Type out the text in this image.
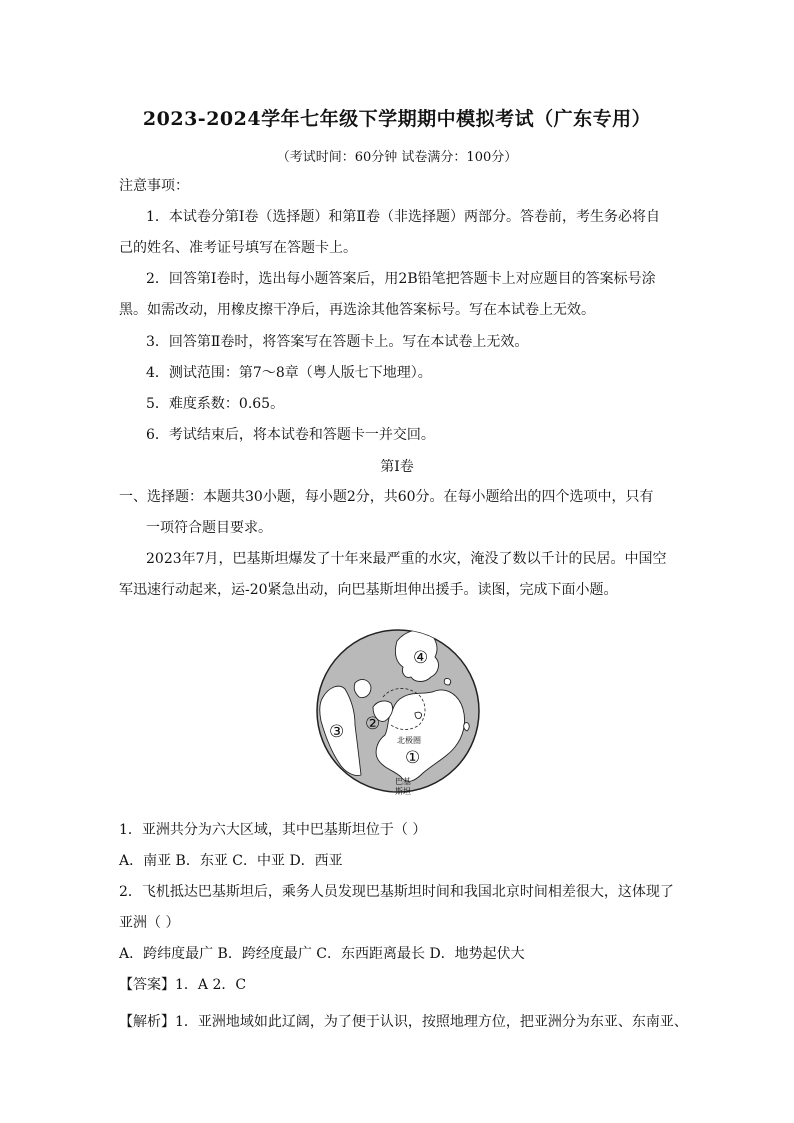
2023-2024学年七年级下学期期中模拟考试（广东专用）
（考试时间：60分钟 试卷满分：100分）
注意事项：
1．本试卷分第Ⅰ卷（选择题）和第Ⅱ卷（非选择题）两部分。答卷前，考生务必将自
己的姓名、准考证号填写在答题卡上。
2．回答第Ⅰ卷时，选出每小题答案后，用2B铅笔把答题卡上对应题目的答案标号涂
黑。如需改动，用橡皮擦干净后，再选涂其他答案标号。写在本试卷上无效。
3．回答第Ⅱ卷时，将答案写在答题卡上。写在本试卷上无效。
4．测试范围：第7～8章（粤人版七下地理）。
5．难度系数：0.65。
6．考试结束后，将本试卷和答题卡一并交回。
第Ⅰ卷
一、选择题：本题共30小题，每小题2分，共60分。在每小题给出的四个选项中，只有
一项符合题目要求。
2023年7月，巴基斯坦爆发了十年来最严重的水灾，淹没了数以千计的民居。中国空
军迅速行动起来，运-20紧急出动，向巴基斯坦伸出援手。读图，完成下面小题。
①
②
③
④
北极圈
巴基
斯坦
1．亚洲共分为六大区域，其中巴基斯坦位于（ ）
A．南亚 B．东亚 C．中亚 D．西亚
2．飞机抵达巴基斯坦后，乘务人员发现巴基斯坦时间和我国北京时间相差很大，这体现了
亚洲（ ）
A．跨纬度最广 B．跨经度最广 C．东西距离最长 D．地势起伏大
【答案】1．A 2．C
【解析】1．亚洲地域如此辽阔，为了便于认识，按照地理方位，把亚洲分为东亚、东南亚、
